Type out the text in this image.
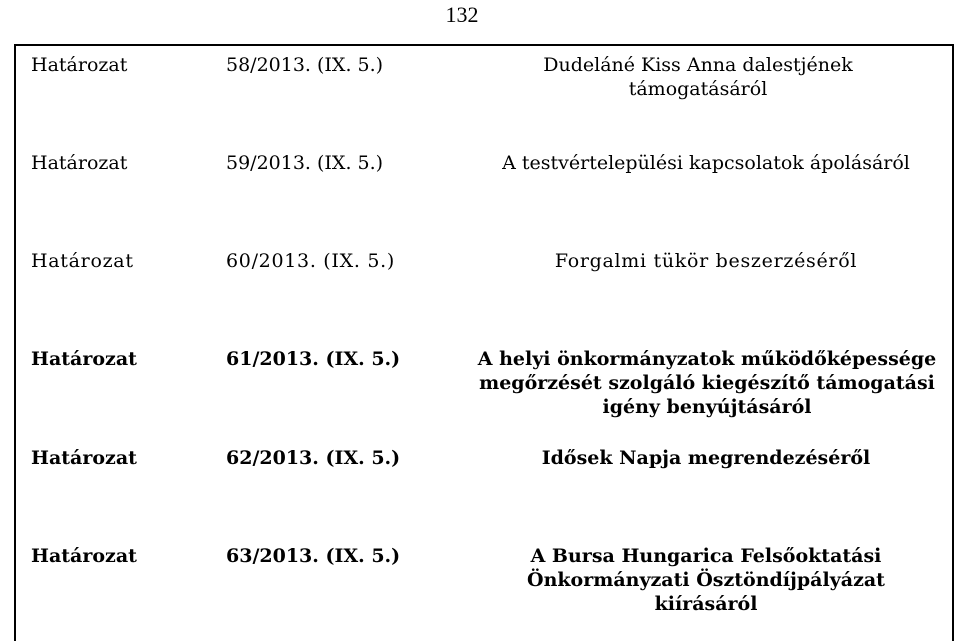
132
Határozat	58/2013. (IX. 5.)	Dudeláné Kiss Anna dalestjének támogatásáról
Határozat	59/2013. (IX. 5.)	A testvértelepülési kapcsolatok ápolásáról
Határozat	60/2013. (IX. 5.)	Forgalmi tükör beszerzéséről
Határozat	61/2013. (IX. 5.)	A helyi önkormányzatok működőképessége megőrzését szolgáló kiegészítő támogatási igény benyújtásáról
Határozat	62/2013. (IX. 5.)	Idősek Napja megrendezéséről
Határozat	63/2013. (IX. 5.)	A Bursa Hungarica Felsőoktatási Önkormányzati Ösztöndíjpályázat kiírásáról
